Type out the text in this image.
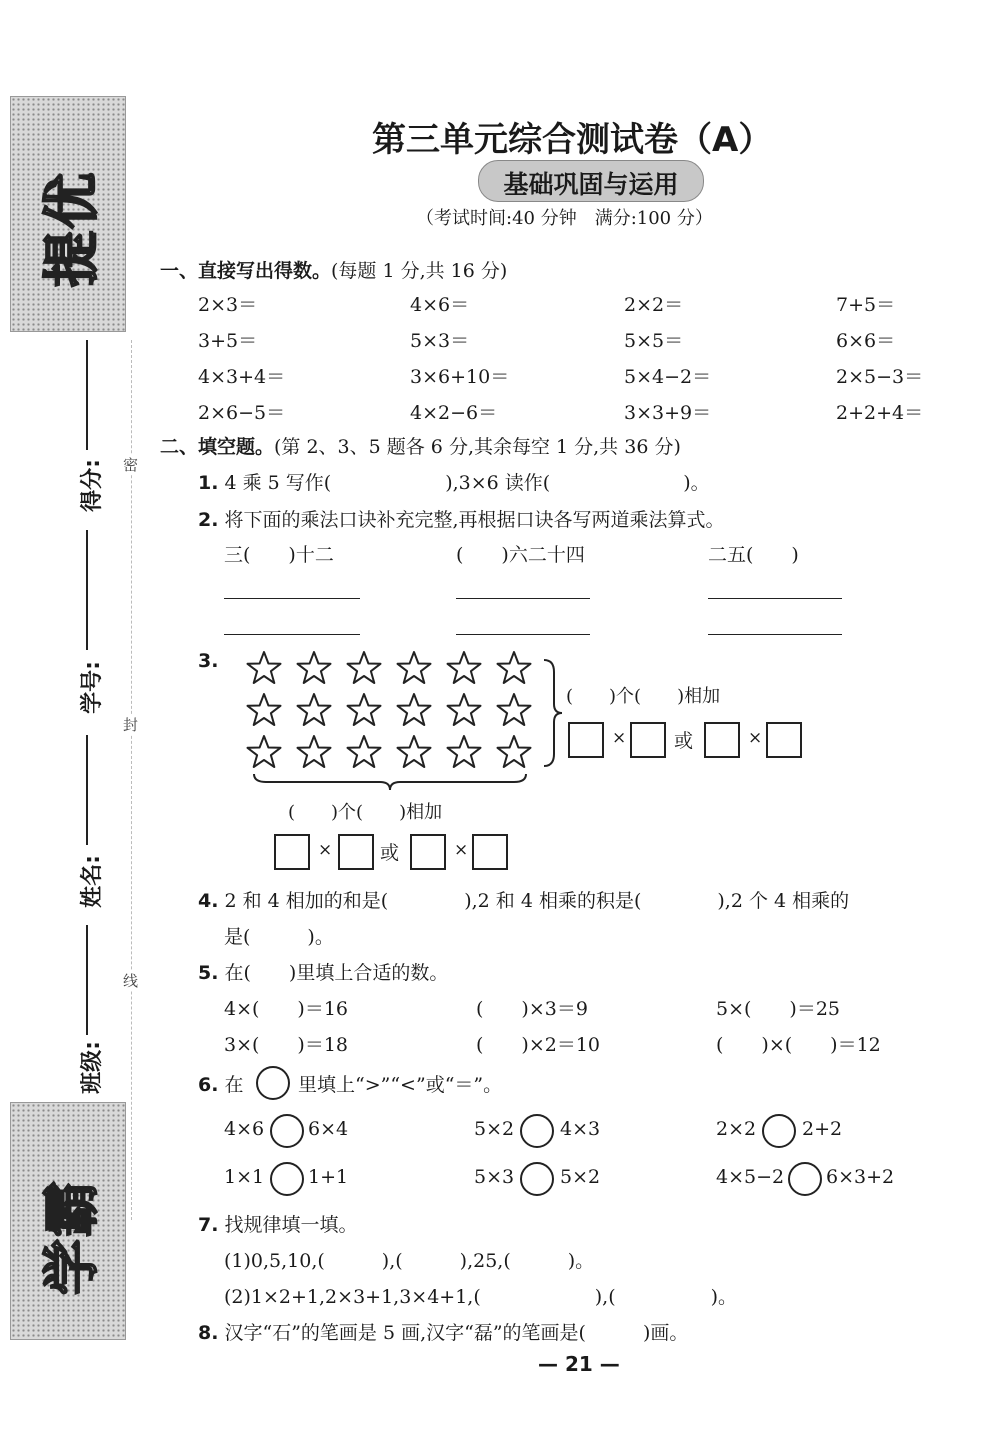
提优
学霸
得分:
学号:
姓名:
班级:
密
封
线
第三单元综合测试卷（A）
基础巩固与运用
（考试时间:40 分钟　满分:100 分）
一、直接写出得数。(每题 1 分,共 16 分)
2×3＝	4×6＝	2×2＝	7+5＝
3+5＝	5×3＝	5×5＝	6×6＝
4×3+4＝	3×6+10＝	5×4−2＝	2×5−3＝
2×6−5＝	4×2−6＝	3×3+9＝	2+2+4＝
二、填空题。(第 2、3、5 题各 6 分,其余每空 1 分,共 36 分)
1. 4 乘 5 写作(　　　　　　),3×6 读作(　　　　　　　)。
2. 将下面的乘法口诀补充完整,再根据口诀各写两道乘法算式。
三(　　)十二	(　　)六二十四	二五(　　)
3.
(　　)个(　　)相加
×	或	×
(　　)个(　　)相加
×	或	×
4. 2 和 4 相加的和是(　　　　),2 和 4 相乘的积是(　　　　),2 个 4 相乘的
是(　　　)。
5. 在(　　)里填上合适的数。
4×(　　)＝16	(　　)×3＝9	5×(　　)＝25
3×(　　)＝18	(　　)×2＝10	(　　)×(　　)＝12
6. 在	里填上“>”“<”或“＝”。
4×6 6×4	5×2 4×3	2×2 2+2
1×1 1+1	5×3 5×2	4×5−2 6×3+2
7. 找规律填一填。
(1)0,5,10,(　　　),(　　　),25,(　　　)。
(2)1×2+1,2×3+1,3×4+1,(　　　　　　),(　　　　　)。
8. 汉字“石”的笔画是 5 画,汉字“磊”的笔画是(　　　)画。
— 21 —
